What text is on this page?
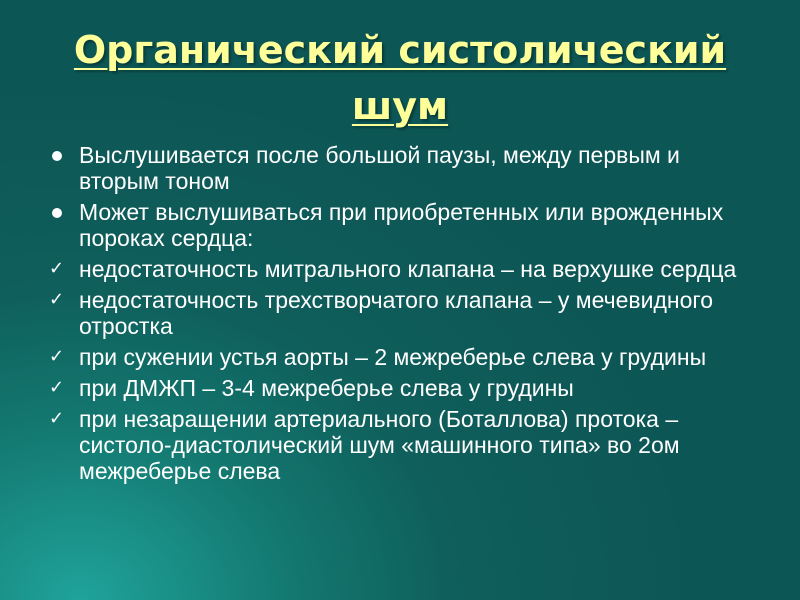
Органический систолический шум
Выслушивается после большой паузы, между первым и вторым тоном
Может выслушиваться при приобретенных или врожденных пороках сердца:
✓ недостаточность митрального клапана – на верхушке сердца
✓ недостаточность трехстворчатого клапана – у мечевидного отростка
✓ при сужении устья аорты – 2 межреберье слева у грудины
✓ при ДМЖП – 3-4 межреберье слева у грудины
✓ при незаращении артериального (Боталлова) протока – систоло-диастолический шум «машинного типа» во 2ом межреберье слева
